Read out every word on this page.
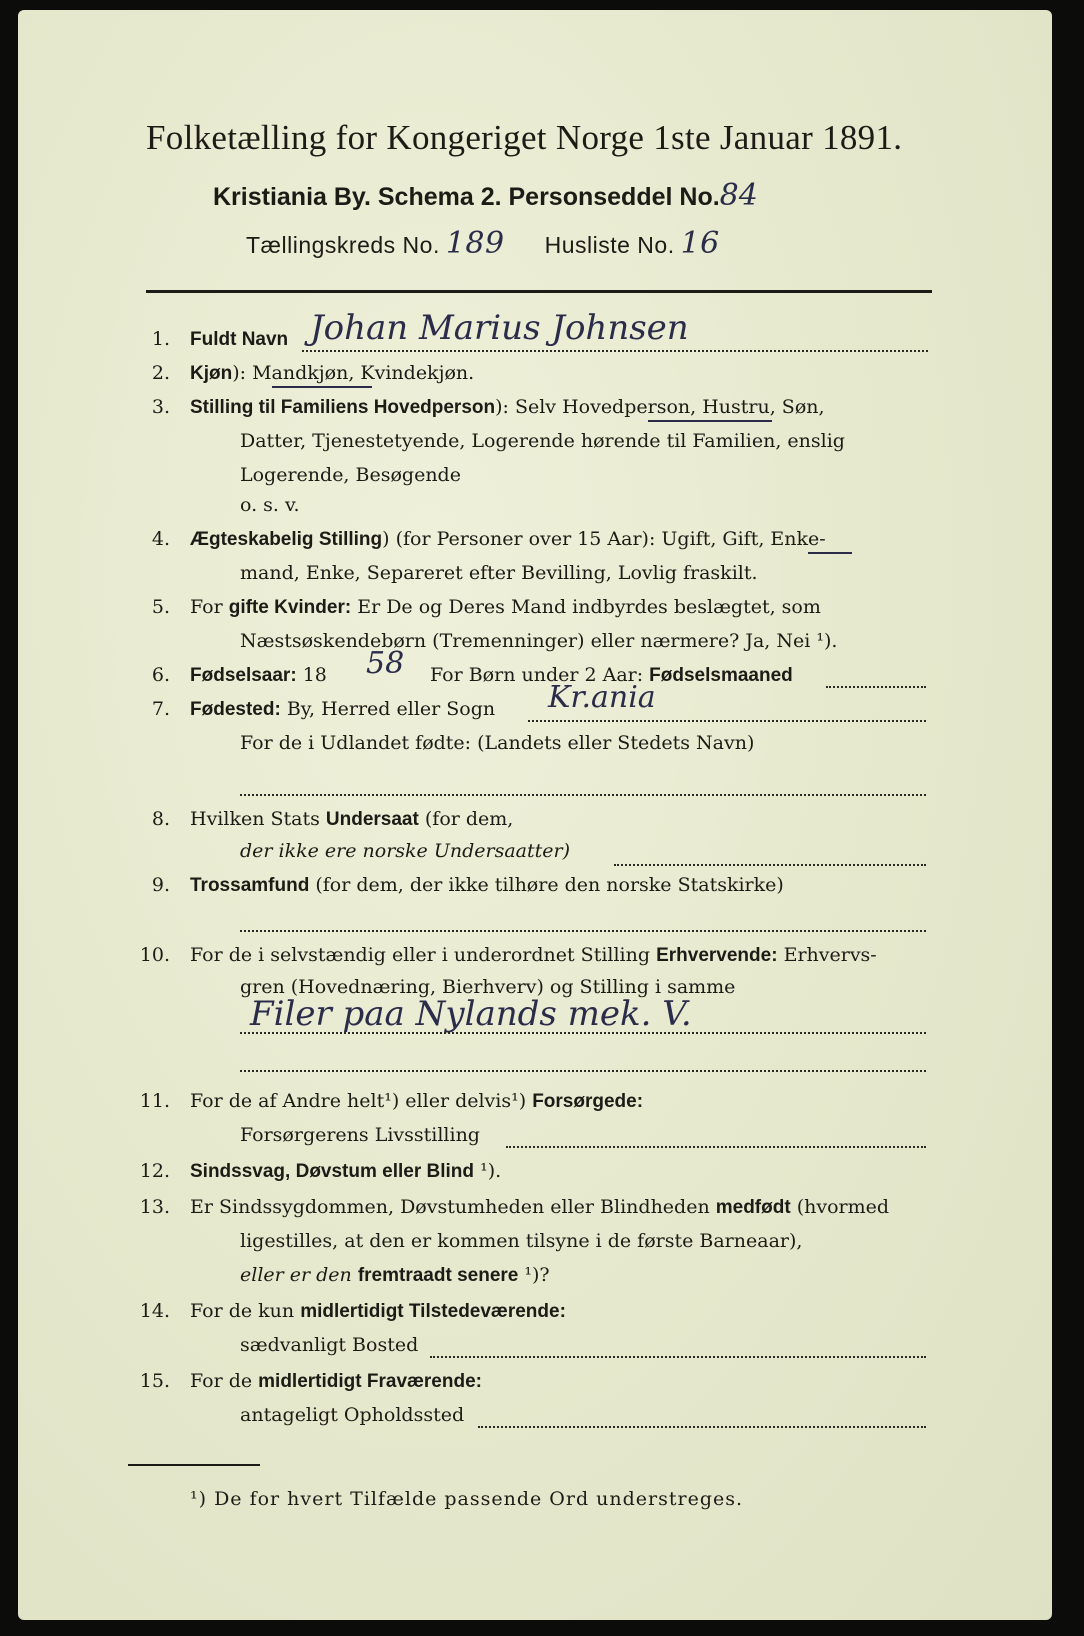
Folketælling for Kongeriget Norge 1ste Januar 1891.
Kristiania By. Schema 2. Personseddel No.84
Tællingskreds No. 189 Husliste No. 16
1. Fuldt Navn Johan Marius Johnsen
2. Kjøn): Mandkjøn, Kvindekjøn.
3. Stilling til Familiens Hovedperson): Selv Hovedperson, Hustru, Søn,
Datter, Tjenestetyende, Logerende hørende til Familien, enslig
Logerende, Besøgende
o. s. v.
4. Ægteskabelig Stilling) (for Personer over 15 Aar): Ugift, Gift, Enke-
mand, Enke, Separeret efter Bevilling, Lovlig fraskilt.
5. For gifte Kvinder: Er De og Deres Mand indbyrdes beslægtet, som
Næstsøskendebørn (Tremenninger) eller nærmere? Ja, Nei ¹).
6. Fødselsaar: 18 58 For Børn under 2 Aar: Fødselsmaaned
7. Fødested: By, Herred eller Sogn Kr.ania
For de i Udlandet fødte: (Landets eller Stedets Navn)
8. Hvilken Stats Undersaat (for dem,
der ikke ere norske Undersaatter)
9. Trossamfund (for dem, der ikke tilhøre den norske Statskirke)
10. For de i selvstændig eller i underordnet Stilling Erhvervende: Erhvervs-
gren (Hovednæring, Bierhverv) og Stilling i samme
Filer paa Nylands mek. V.
11. For de af Andre helt¹) eller delvis¹) Forsørgede:
Forsørgerens Livsstilling
12. Sindssvag, Døvstum eller Blind ¹).
13. Er Sindssygdommen, Døvstumheden eller Blindheden medfødt (hvormed
ligestilles, at den er kommen tilsyne i de første Barneaar),
eller er den fremtraadt senere ¹)?
14. For de kun midlertidigt Tilstedeværende:
sædvanligt Bosted
15. For de midlertidigt Fraværende:
antageligt Opholdssted
¹) De for hvert Tilfælde passende Ord understreges.
